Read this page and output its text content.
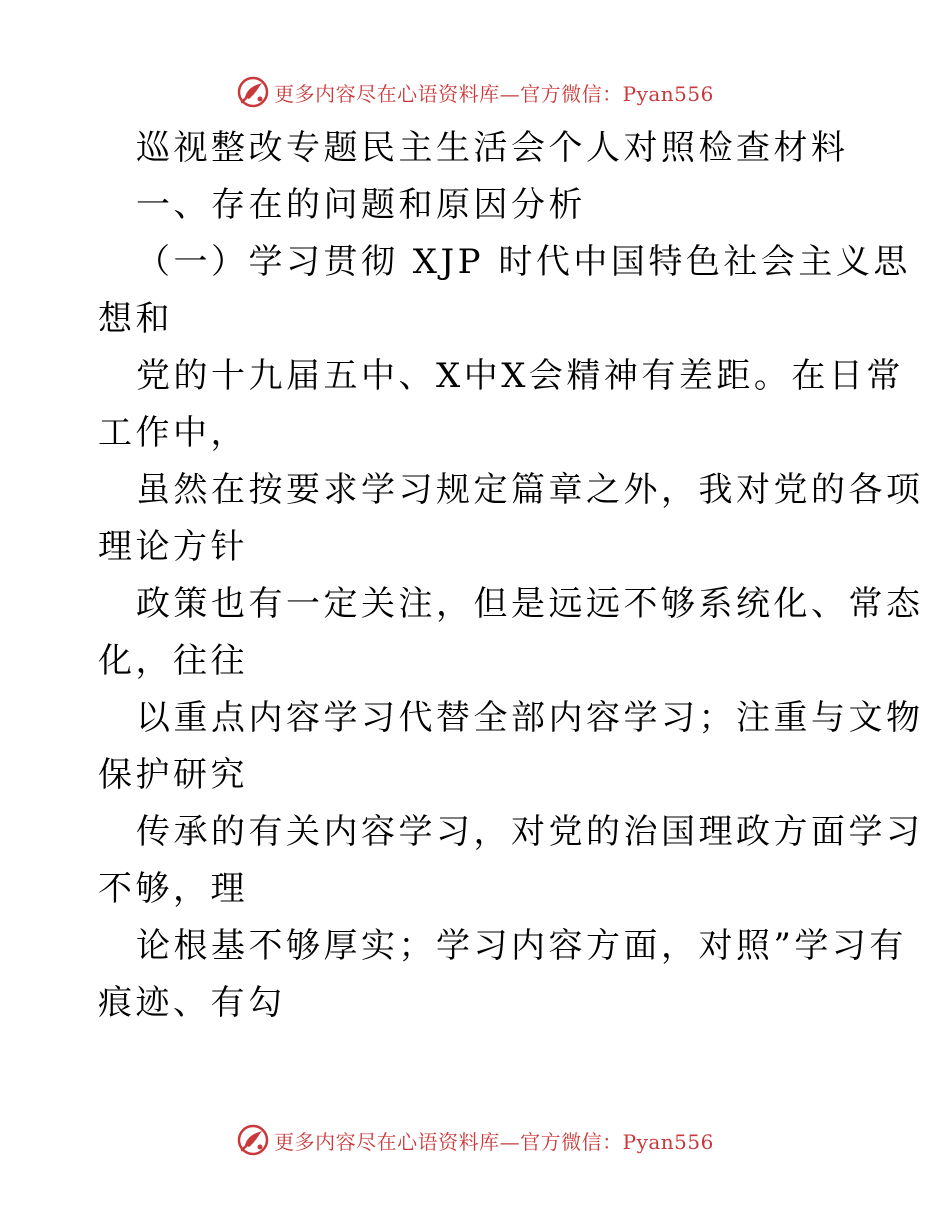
更多内容尽在心语资料库—官方微信：Pyan556
巡视整改专题民主生活会个人对照检查材料
一、存在的问题和原因分析
（一）学习贯彻 XJP 时代中国特色社会主义思
想和
党的十九届五中、X中X会精神有差距。在日常
工作中，
虽然在按要求学习规定篇章之外，我对党的各项
理论方针
政策也有一定关注，但是远远不够系统化、常态
化，往往
以重点内容学习代替全部内容学习；注重与文物
保护研究
传承的有关内容学习，对党的治国理政方面学习
不够，理
论根基不够厚实；学习内容方面，对照”学习有
痕迹、有勾
更多内容尽在心语资料库—官方微信：Pyan556
